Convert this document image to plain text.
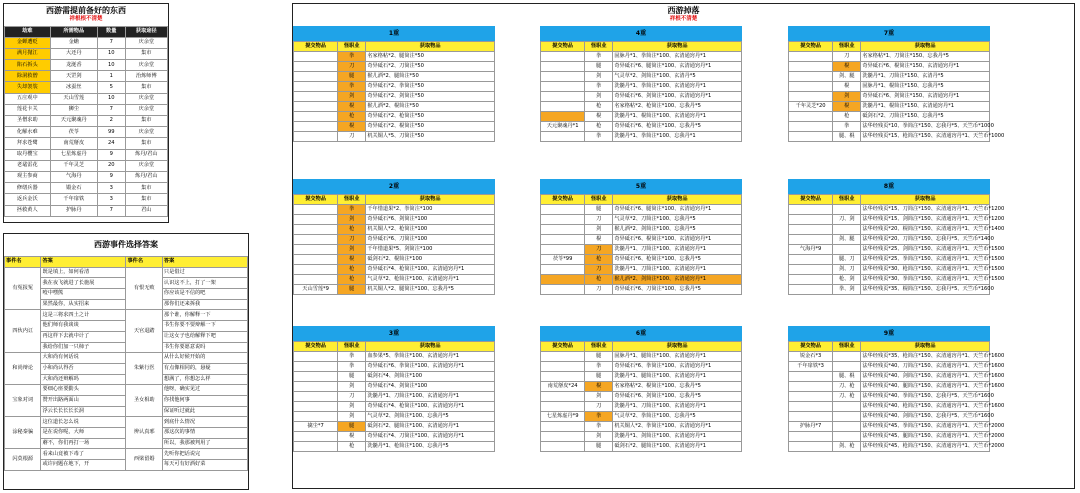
西游需提前备好的东西
祥根根不清楚
劫难	所需物品	数量	获取途径
金蝉遭贬	金蟾	7	庆余堂
满月抛江	大还丹	10	集市
陷石拆头	龙涎香	10	庆余堂
除洞救僧	天罡剑	1	治炼师傅
失却袈裟	冰蚕丝	5	集市
五庄观中	天山雪莲	10	庆余堂
莲花卡关	狮尘	7	庆余堂
圣僧求助	天元聚魂丹	2	集市
化解水难	茯苓	99	庆余堂
拜求苍鹭	南荒掰皮	24	集市
取丹樱宝	七星炼虚丹	9	炼丹/君山
老鼋雷花	千年灵芝	20	庆余堂
观主参商	气海丹	9	炼丹/君山
修缮兵器	锻金石	3	集市
返兵金沃	千年扉铁	3	集市
拯救黄人	护脉丹	7	君山
西游事件选择答案
事件名	答案	事件名	答案
有冤报冤	既是填上，如何看清	有恨无败	只是借过
	我在夜飞就进了长施展		认识这不上，打了一架
	噎中嘿熊		你应该是不信的吧
	果然最你，从实招来		那你们还来拆我
四伙内讧	这是三将求四土之计	天官退踏	那个谁，你解释一下
	他们师有我谈谈		书生你要不要辩解一下
	再这样下去就中计了		让这女子也给解释下吧
	我给你们加一只柿子		书生你要愿意说吗
和尚辩论	大和尚有何话说	朱紫行医	从什么好候开始的
	小和尚认得否		有点像相同的，悬疑
	大和尚还辩解吗		想满了，你想怎么样
宝象对词	要细心座要勤头	圣女相助	他呀，确实见过
	赞开出路两面山		你找他何事
	浮云长长长长长洞		保证听过就此
涂秘秦骗	这位道长怎么说	辨认真邪	到底什么情况
	是在说你呢，大师		那这次的事情
	蘑不，你们再打一场		所以，我那被判用了
闪莫根源	看来山竟被下毒了	西梁留婚	先听你把话说完
	或许问题在地下，开		每天可有好酒好菜
西游掉落
祥根不清楚
1重
提交物品	怪职业	获取物品
	拳	名家格帖*2、腿简注*50
	刀	奇异砥石*2、刀简注*50
	腿	猴儿酒*2、腿简注*50
	拳	奇异砥石*2、拳简注*50
	剑	奇异砥石*2、剑简注*50
	棍	猴儿酒*2、棍简注*50
	枪	奇异砥石*2、枪简注*50
	棍	奇异砥石*2、棍简注*50
	刀	机关铜人*5、刀简注*50
4重
提交物品	怪职业	获取物品
	拳	固脉丹*1、拳简注*100、玄清通窍丹*1
	腿	奇异砥石*6、腿简注*100、玄清通窍丹*1
	剑	气灵草*2、剑简注*100、玄清丹*5
	拳	洗髓丹*1、拳简注*100、玄清通窍丹*1
	剑	奇异砥石*6、剑简注*100、玄清通窍丹*1
	枪	名家格帖*2、枪简注*100、忘我丹*5
	棍	洗髓丹*1、棍简注*100、玄清通窍丹*1
天元聚魂丹*1	枪	奇异砥石*6、枪简注*100、忘我丹*5
	拳	洗髓丹*1、拳简注*100、忘我丹*1
7重
提交物品	怪职业	获取物品
	刀	名家格帖*1、刀简注*150、忘我丹*5
	棍	奇异砥石*6、棍简注*150、玄清通窍丹*1
	剑、腿	洗髓丹*1、刀简注*150、玄清丹*5
	棍	固脉丹*1、棍简注*150、忘我丹*5
	剑	奇异砥石*6、剑简注*150、玄清通窍丹*1
千年灵芝*20	棍	洗髓丹*1、棍简注*150、玄清通窍丹*1
	枪	砥剑石*2、刀简注*150、忘我丹*5
	拳	法华经残页*10、拳简注*150、忘我丹*5、天竺币*1000
	腿、棍	法华经残页*15、枪简注*150、玄清通窍丹*1、天竺币*1000
2重
提交物品	怪职业	获取物品
	拳	千年惜道果*2、拳简注*100
	剑	奇异砥石*6、剑简注*100
	枪	机关铜人*2、枪简注*100
	刀	奇异砥石*6、刀简注*100
	剑	千年惜道果*5、剑简注*100
	棍	砥剑石*2、棍简注*100
	枪	奇异砥石*4、枪简注*100、玄清通窍丹*1
	枪	气灵草*2、枪简注*100、玄清通窍丹*1
天山雪莲*9	腿	机关铜人*2、腿简注*100、忘我丹*5
5重
提交物品	怪职业	获取物品
	腿	奇异砥石*6、腿简注*100、玄清通窍丹*1
	刀	气灵草*2、刀简注*100、忘我丹*5
	剑	猴儿酒*2、剑简注*100、忘我丹*5
	棍	奇异砥石*6、棍简注*100、玄清通窍丹*1
	刀	洗髓丹*1、刀简注*100、玄清通窍丹*1
茯苓*99	枪	奇异砥石*6、枪简注*100、忘我丹*5
	刀	洗髓丹*1、刀简注*100、玄清通窍丹*1
	枪	猴儿酒*2、剑简注*100、玄清通窍丹*1
	刀	奇异砥石*6、刀简注*100、忘我丹*5
8重
提交物品	怪职业	获取物品
		法华经残页*15、刀简注*150、玄清通窍丹*1、天竺币*1200
	刀、剑	法华经残页*15、剑简注*150、玄清通窍丹*1、天竺币*1200
		法华经残页*20、棍简注*150、玄清通窍丹*1、天竺币*1400
	剑、腿	法华经残页*20、刀简注*150、忘我丹*5、天竺币*1400
气海丹*9		法华经残页*25、剑简注*150、玄清通窍丹*1、天竺币*1500
	腿、刀	法华经残页*25、拳简注*150、玄清通窍丹*1、天竺币*1500
	剑、刀	法华经残页*30、枪简注*150、玄清通窍丹*1、天竺币*1500
	枪、剑	法华经残页*30、拳简注*150、玄清通窍丹*1、天竺币*1500
	拳、剑	法华经残页*35、棍简注*150、忘我丹*5、天竺币*1600
3重
提交物品	怪职业	获取物品
	拳	血参果*5、拳简注*100、玄清通窍丹*1
	拳	奇异砥石*6、拳简注*100、玄清通窍丹*1
	腿	砥剑石*4、剑简注*100
	剑	奇异砥石*4、剑简注*100
	刀	洗髓丹*1、刀简注*100、玄清通窍丹*1
	剑	奇异砥石*4、枪简注*100、玄清通窍丹*1
	剑	气灵草*2、剑简注*100、忘我丹*5
擒尘*7	腿	砥剑石*2、腿简注*100、玄清通窍丹*1
	棍	奇异砥石*4、刀简注*100、玄清通窍丹*1
	枪	洗髓丹*1、枪简注*100、忘我丹*5
6重
提交物品	怪职业	获取物品
	腿	固脉丹*1、腿简注*100、玄清通窍丹*1
	拳	奇异砥石*6、拳简注*100、玄清通窍丹*1
	腿	洗髓丹*1、腿简注*100、玄清通窍丹*1
南荒掰皮*24	棍	名家格帖*2、棍简注*100、忘我丹*5
	剑	奇异砥石*6、剑简注*100、忘我丹*5
	刀	洗髓丹*1、刀简注*100、玄清通窍丹*1
七星炼虚丹*9	拳	气灵草*2、拳简注*100、忘我丹*5
	拳	机关铜人*2、拳简注*100、玄清通窍丹*1
	剑	洗髓丹*1、剑简注*100、玄清通窍丹*1
	腿	砥剑石*2、腿简注*100、玄清通窍丹*1
9重
提交物品	怪职业	获取物品
锐金石*3		法华经残页*35、枪简注*150、玄清通窍丹*1、天竺币*1600
千年扉铁*3		法华经残页*40、刀简注*150、玄清通窍丹*1、天竺币*1600
	腿、棍	法华经残页*40、剑简注*150、玄清通窍丹*1、天竺币*1600
	刀、枪	法华经残页*40、腿简注*150、玄清通窍丹*1、天竺币*1600
	刀、枪	法华经残页*40、拳简注*150、忘我丹*5、天竺币*1600
		法华经残页*40、枪简注*150、玄清通窍丹*1、天竺币*1600
		法华经残页*40、剑简注*150、忘我丹*5、天竺币*1600
护脉丹*7		法华经残页*45、拳简注*150、玄清通窍丹*1、天竺币*2000
		法华经残页*45、腿简注*150、玄清通窍丹*1、天竺币*2000
	剑、枪	法华经残页*45、枪简注*150、玄清通窍丹*1、天竺币*2000
